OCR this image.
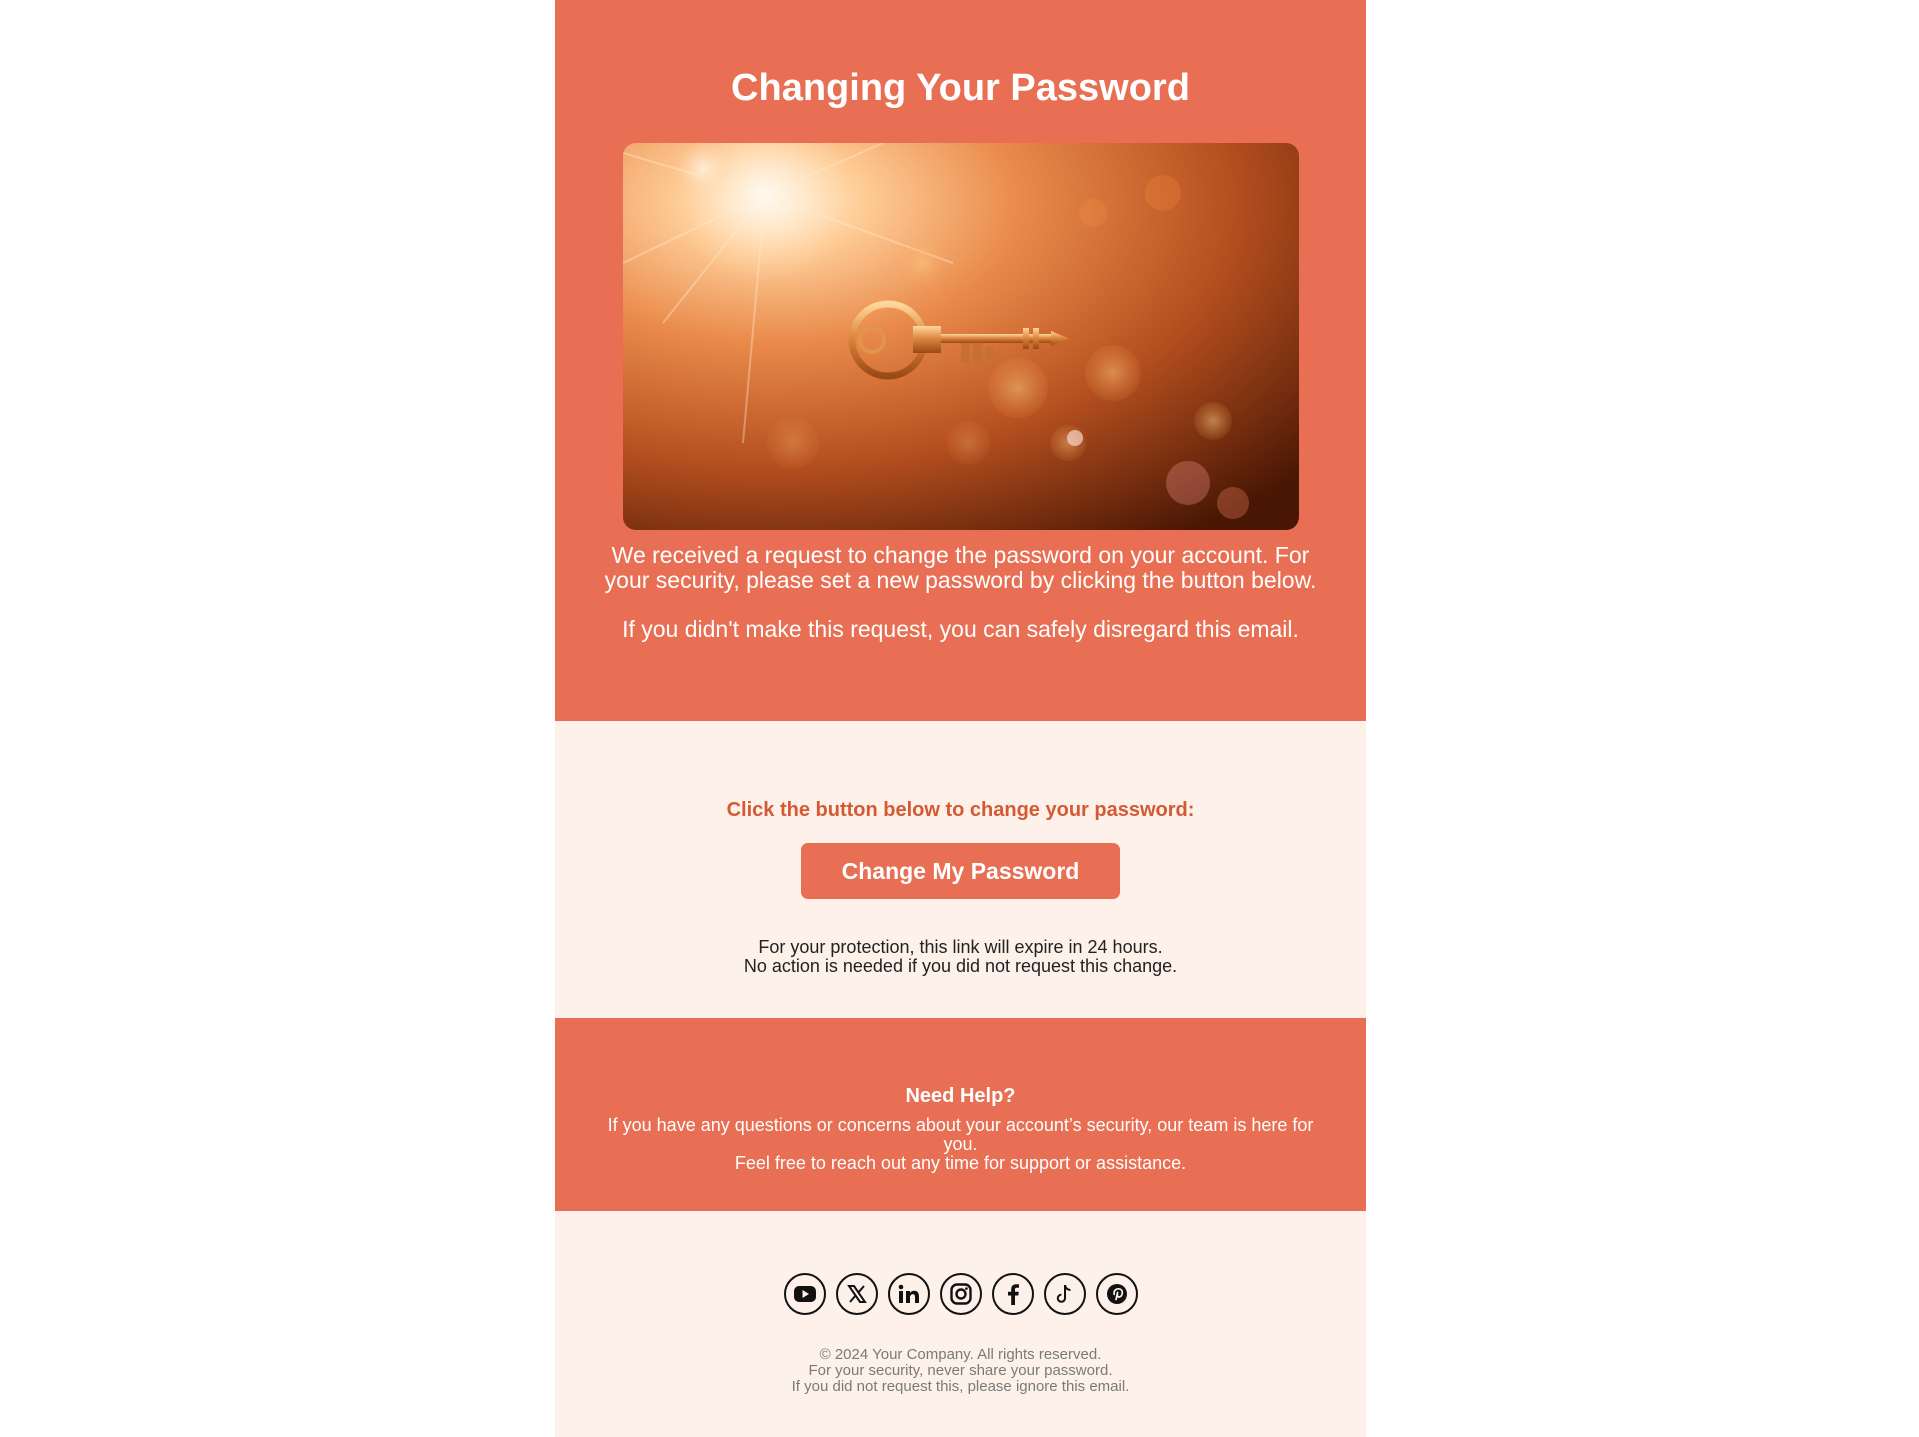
Changing Your Password

We received a request to change the password on your account. For your security, please set a new password by clicking the button below.

If you didn't make this request, you can safely disregard this email.

Click the button below to change your password:

Change My Password
For your protection, this link will expire in 24 hours.
No action is needed if you did not request this change.
Need Help?

If you have any questions or concerns about your account’s security, our team is here for you.

Feel free to reach out any time for support or assistance.

© 2024 Your Company. All rights reserved.
For your security, never share your password.
If you did not request this, please ignore this email.
